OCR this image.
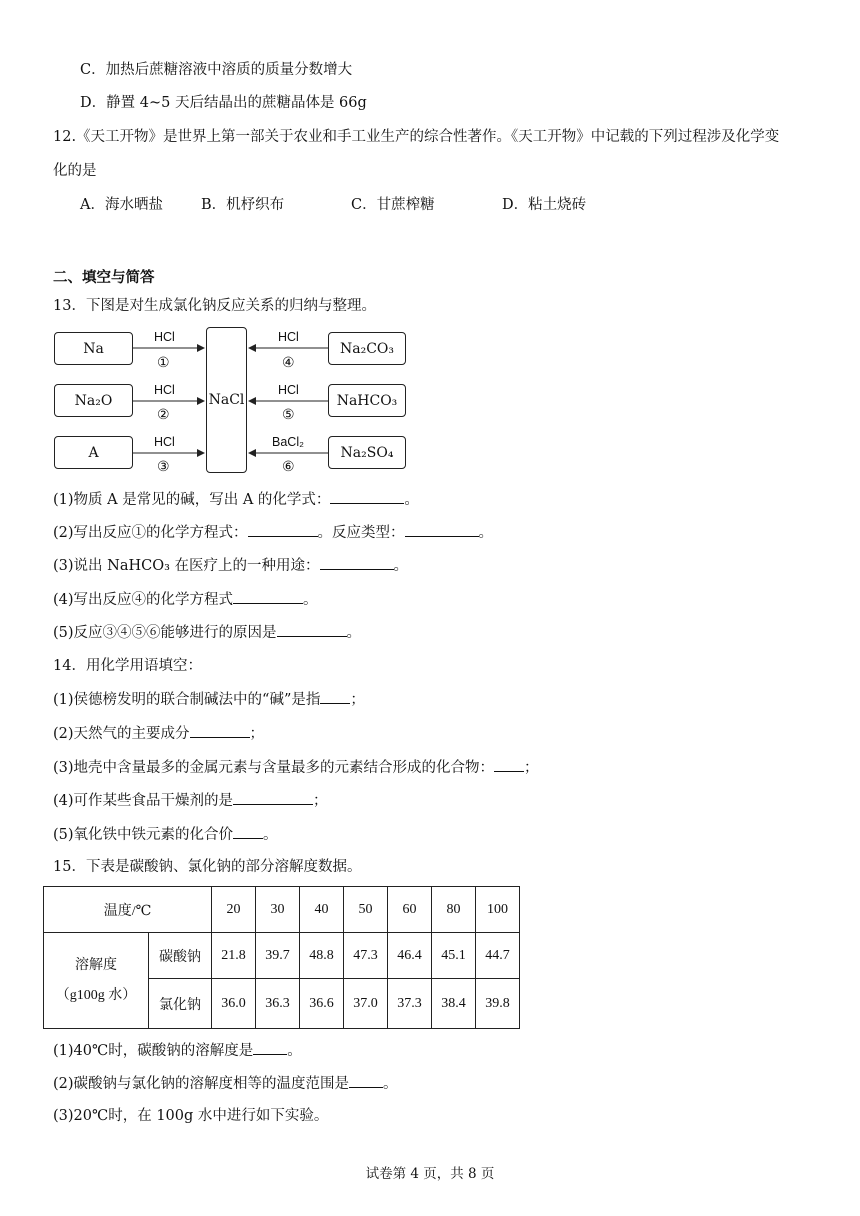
C．加热后蔗糖溶液中溶质的质量分数增大
D．静置 4~5 天后结晶出的蔗糖晶体是 66g
12.《天工开物》是世界上第一部关于农业和手工业生产的综合性著作。《天工开物》中记载的下列过程涉及化学变
化的是
A．海水晒盐	B．机杼织布	C．甘蔗榨糖	D．粘土烧砖
二、填空与简答
13．下图是对生成氯化钠反应关系的归纳与整理。
Na
Na₂O
A
NaCl
Na₂CO₃
NaHCO₃
Na₂SO₄
HCl
HCl
HCl
①
②
③
HCl
HCl
BaCl₂
④
⑤
⑥
(1)物质 A 是常见的碱，写出 A 的化学式：	。
(2)写出反应①的化学方程式：	。反应类型：	。
(3)说出 NaHCO₃ 在医疗上的一种用途：	。
(4)写出反应④的化学方程式	。
(5)反应③④⑤⑥能够进行的原因是	。
14．用化学用语填空：
(1)侯德榜发明的联合制碱法中的“碱”是指 ；
(2)天然气的主要成分	；
(3)地壳中含量最多的金属元素与含量最多的元素结合形成的化合物： ；
(4)可作某些食品干燥剂的是	；
(5)氧化铁中铁元素的化合价 。
15．下表是碳酸钠、氯化钠的部分溶解度数据。
温度/℃		20	30	40	50	60	80	100

溶解度
（g100g 水）	碳酸钠	21.8	39.7	48.8	47.3	46.4	45.1	44.7
	氯化钠	36.0	36.3	36.6	37.0	37.3	38.4	39.8
(1)40℃时，碳酸钠的溶解度是 。
(2)碳酸钠与氯化钠的溶解度相等的温度范围是 。
(3)20℃时，在 100g 水中进行如下实验。
试卷第 4 页，共 8 页
